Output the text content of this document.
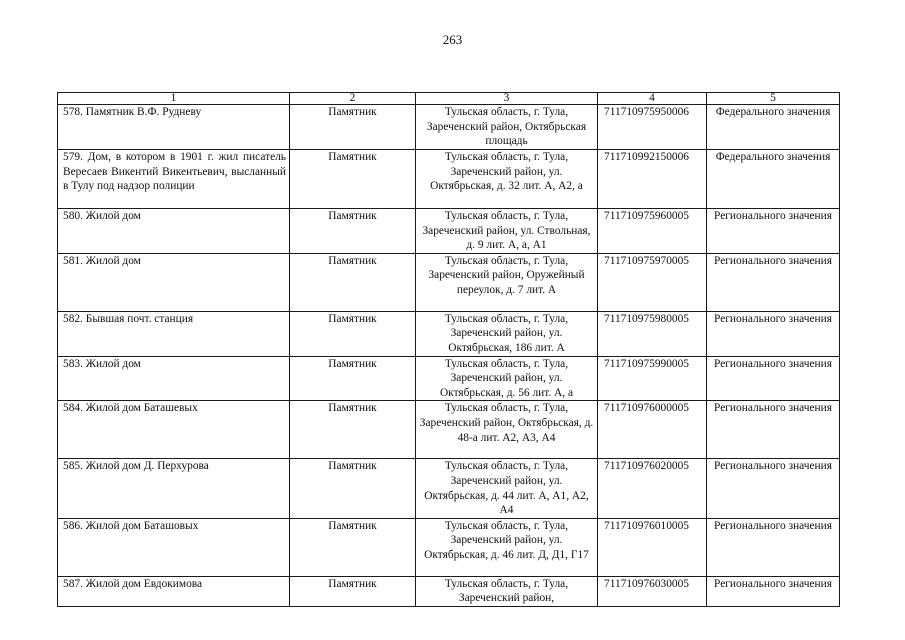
263
1	2	3	4	5
578. Памятник В.Ф. Рудневу	Памятник	Тульская область, г. Тула, Зареченский район, Октябрьская площадь	711710975950006	Федерального значения
579. Дом, в котором в 1901 г. жил писатель Вересаев Викентий Викентьевич, высланный в Тулу под надзор полиции	Памятник	Тульская область, г. Тула, Зареченский район, ул. Октябрьская, д. 32 лит. А, А2, а	711710992150006	Федерального значения
580. Жилой дом	Памятник	Тульская область, г. Тула, Зареченский район, ул. Ствольная, д. 9 лит. А, а, А1	711710975960005	Регионального значения
581. Жилой дом	Памятник	Тульская область, г. Тула, Зареченский район, Оружейный переулок, д. 7 лит. А	711710975970005	Регионального значения
582. Бывшая почт. станция	Памятник	Тульская область, г. Тула, Зареченский район, ул. Октябрьская, 186 лит. А	711710975980005	Регионального значения
583. Жилой дом	Памятник	Тульская область, г. Тула, Зареченский район, ул. Октябрьская, д. 56 лит. А, а	711710975990005	Регионального значения
584. Жилой дом Баташевых	Памятник	Тульская область, г. Тула, Зареченский район, Октябрьская, д. 48-а лит. А2, А3, А4	711710976000005	Регионального значения
585. Жилой дом Д. Перхурова	Памятник	Тульская область, г. Тула, Зареченский район, ул. Октябрьская, д. 44 лит. А, А1, А2, А4	711710976020005	Регионального значения
586. Жилой дом Баташовых	Памятник	Тульская область, г. Тула, Зареченский район, ул. Октябрьская, д. 46 лит. Д, Д1, Г17	711710976010005	Регионального значения
587. Жилой дом Евдокимова	Памятник	Тульская область, г. Тула, Зареченский район,	711710976030005	Регионального значения
